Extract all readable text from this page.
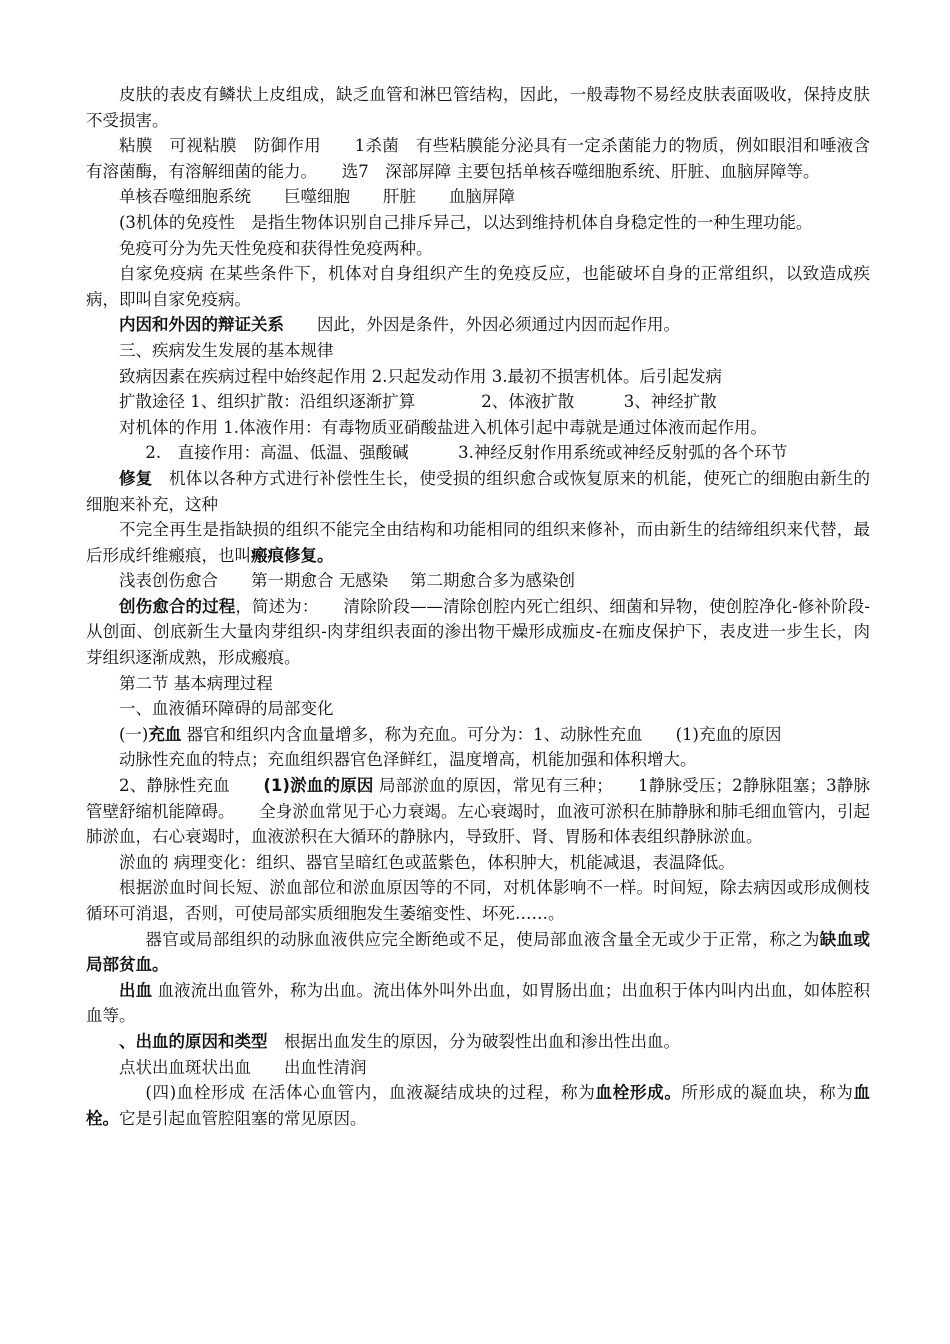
皮肤的表皮有鳞状上皮组成，缺乏血管和淋巴管结构，因此，一般毒物不易经皮肤表面吸收，保持皮肤不受损害。

粘膜　可视粘膜　防御作用　　1杀菌　有些粘膜能分泌具有一定杀菌能力的物质，例如眼泪和唾液含有溶菌酶，有溶解细菌的能力。　　选7　深部屏障 主要包括单核吞噬细胞系统、肝脏、血脑屏障等。

单核吞噬细胞系统　　巨噬细胞　　肝脏　　血脑屏障

(3机体的免疫性　是指生物体识别自己排斥异己，以达到维持机体自身稳定性的一种生理功能。

免疫可分为先天性免疫和获得性免疫两种。

自家免疫病 在某些条件下，机体对自身组织产生的免疫反应，也能破坏自身的正常组织，以致造成疾病，即叫自家免疫病。

内因和外因的辩证关系　　因此，外因是条件，外因必须通过内因而起作用。

三、疾病发生发展的基本规律

致病因素在疾病过程中始终起作用 2.只起发动作用 3.最初不损害机体。后引起发病

扩散途径 1、组织扩散：沿组织逐渐扩算　　　　2、体液扩散　　　3、神经扩散

对机体的作用 1.体液作用：有毒物质亚硝酸盐进入机体引起中毒就是通过体液而起作用。

2.　直接作用：高温、低温、强酸碱　　　3.神经反射作用系统或神经反射弧的各个环节

修复　机体以各种方式进行补偿性生长，使受损的组织愈合或恢复原来的机能，使死亡的细胞由新生的细胞来补充，这种

不完全再生是指缺损的组织不能完全由结构和功能相同的组织来修补，而由新生的结缔组织来代替，最后形成纤维瘢痕，也叫瘢痕修复。

浅表创伤愈合　　第一期愈合 无感染　 第二期愈合多为感染创

创伤愈合的过程，简述为：　　清除阶段——清除创腔内死亡组织、细菌和异物，使创腔净化-修补阶段-从创面、创底新生大量肉芽组织-肉芽组织表面的渗出物干燥形成痂皮-在痂皮保护下，表皮进一步生长，肉芽组织逐渐成熟，形成瘢痕。

第二节 基本病理过程

一、血液循环障碍的局部变化

(一)充血 器官和组织内含血量增多，称为充血。可分为：1、动脉性充血　　(1)充血的原因

动脉性充血的特点；充血组织器官色泽鲜红，温度增高，机能加强和体积增大。

2、静脉性充血　　(1)淤血的原因 局部淤血的原因，常见有三种；　　1静脉受压；2静脉阻塞；3静脉管壁舒缩机能障碍。　　全身淤血常见于心力衰竭。左心衰竭时，血液可淤积在肺静脉和肺毛细血管内，引起肺淤血，右心衰竭时，血液淤积在大循环的静脉内，导致肝、肾、胃肠和体表组织静脉淤血。

淤血的 病理变化：组织、器官呈暗红色或蓝紫色，体积肿大，机能减退，表温降低。

根据淤血时间长短、淤血部位和淤血原因等的不同，对机体影响不一样。时间短，除去病因或形成侧枝循环可消退，否则，可使局部实质细胞发生萎缩变性、坏死……。

器官或局部组织的动脉血液供应完全断绝或不足，使局部血液含量全无或少于正常，称之为缺血或局部贫血。

出血 血液流出血管外，称为出血。流出体外叫外出血，如胃肠出血；出血积于体内叫内出血，如体腔积血等。

、出血的原因和类型　根据出血发生的原因，分为破裂性出血和渗出性出血。

点状出血斑状出血　　出血性清润

(四)血栓形成 在活体心血管内，血液凝结成块的过程，称为血栓形成。所形成的凝血块，称为血栓。它是引起血管腔阻塞的常见原因。
